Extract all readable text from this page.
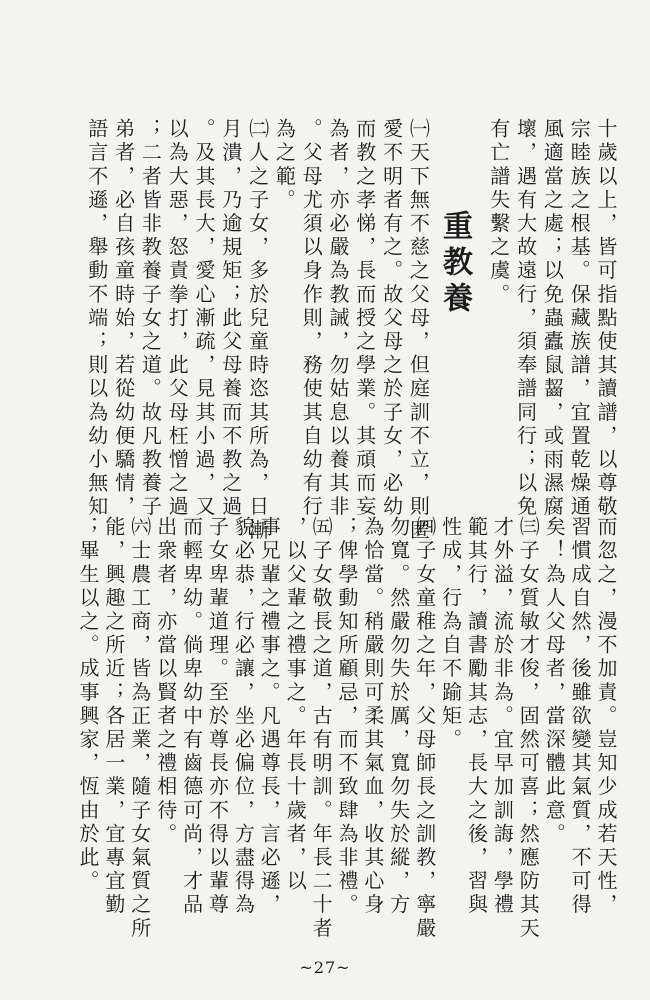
重教養	十歲以上，皆可指點使其讀譜，以尊敬
宗睦族之根基。保藏族譜，宜置乾燥通
風適當之處；以免蟲蠹鼠齧，或雨濕腐
壞，遇有大故遠行，須奉譜同行；以免
有亡譜失繫之虞。
㈠天下無不慈之父母，但庭訓不立，則匿
愛不明者有之。故父母之於子女，必幼
而教之孝悌，長而授之學業。其頑而妄
為者，亦必嚴為教誡，勿姑息以養其非
。父母尤須以身作則，務使其自幼有行
為之範。
㈡人之子女，多於兒童時恣其所為，日漸
月潰，乃逾規矩；此父母養而不教之過
。及其長大，愛心漸疏，見其小過，又
以為大惡，怒責拳打，此父母枉憎之過
；二者皆非教養子女之道。故凡教養子
弟者，必自孩童時始，若從幼便驕情，
語言不遜，舉動不端；則以為幼小無知
而忽之，漫不加責。豈知少成若天性，
習慣成自然，後雖欲變其氣質，不可得
矣！為人父母者，當深體此意。
㈢子女質敏才俊，固然可喜；然應防其天
才外溢，流於非為。宜早加訓誨，學禮
範其行，讀書勵其志，長大之後，習與
性成，行為自不踰矩。
㈣子女童稚之年，父母師長之訓教，寧嚴
勿寬。然嚴勿失於厲，寬勿失於縱，方
為恰當。稍嚴則可柔其氣血，收其心身
；俾學動知所顧忌，而不致肆為非禮。
㈤子女敬長之道，古有明訓。年長二十者
，以父輩之禮事之。年長十歲者，以
事兄輩之禮事之。凡遇尊長，言必遜，
貌必恭，行必讓，坐必偏位，方盡得為
子女卑輩道理。至於尊長亦不得以輩尊
而輕卑幼。倘卑幼中有齒德可尚，才品
出衆者，亦當以賢者之禮相待。
㈥士農工商，皆為正業，隨子女氣質之所
能，興趣之所近；各居一業，宜專宜勤
；畢生以之。成事興家，恆由於此。
~27~
